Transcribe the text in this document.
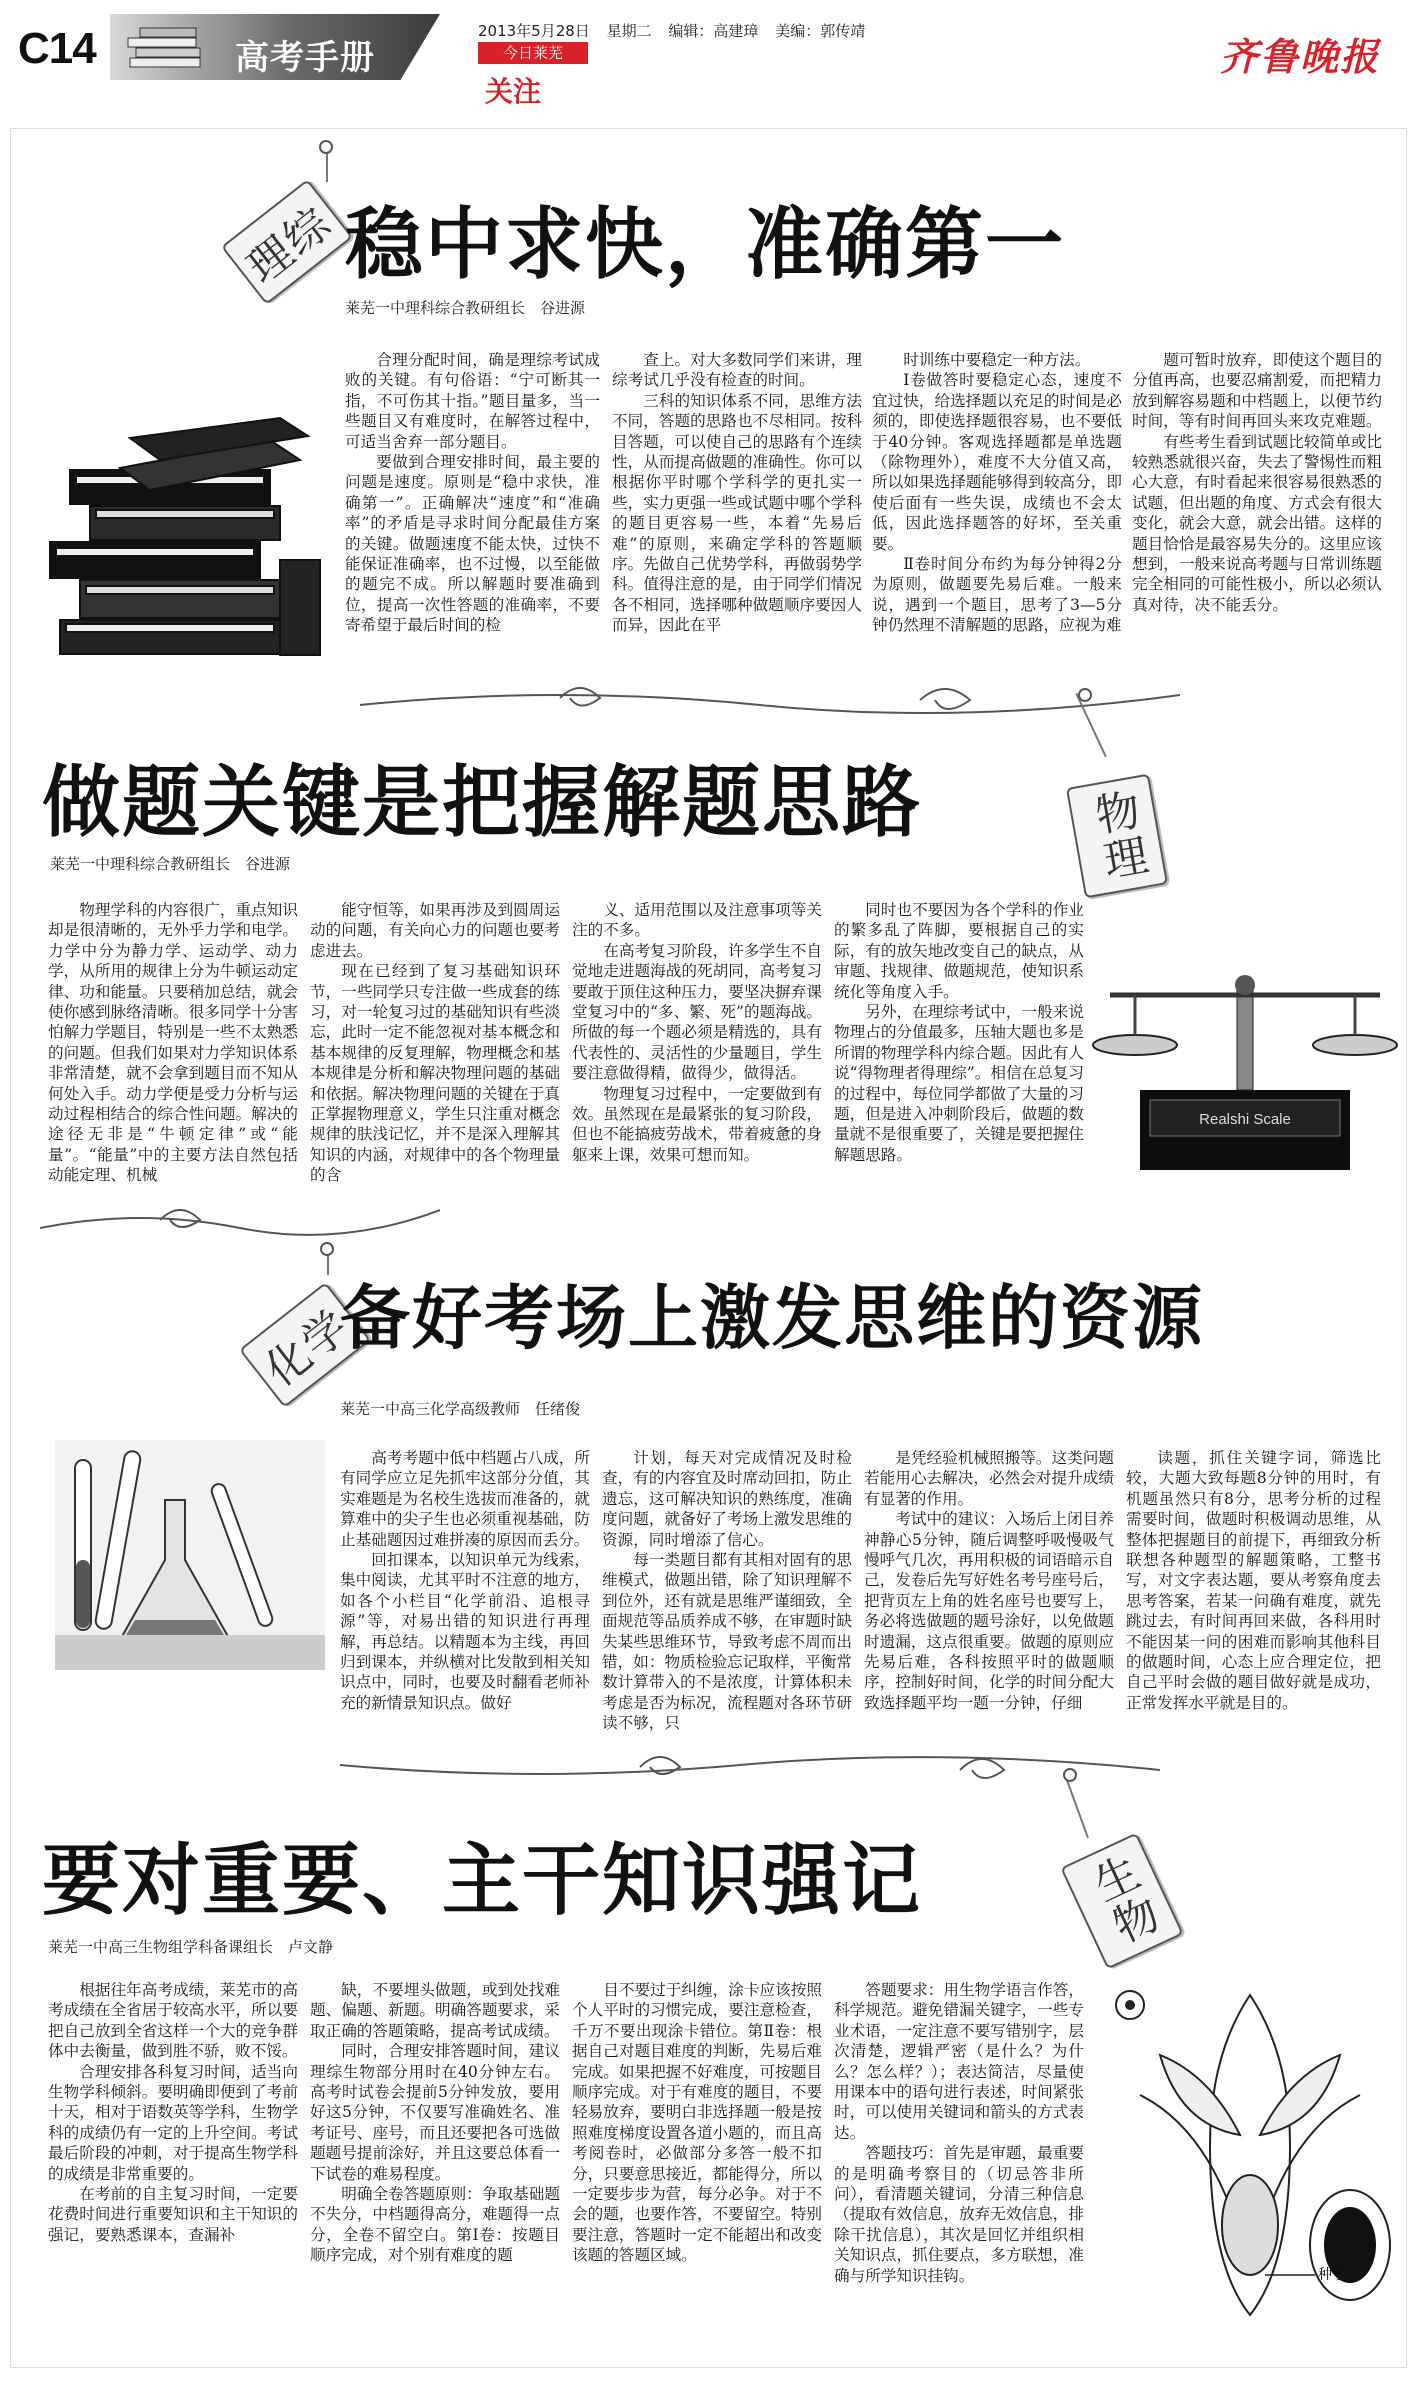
C14	高考手册
2013年5月28日 星期二 编辑：高建璋 美编：郭传靖
今日莱芜
关注
齐鲁晚报
理综 稳中求快，准确第一
莱芜一中理科综合教研组长　谷进源

合理分配时间，确是理综考试成败的关键。有句俗语：“宁可断其一指，不可伤其十指。”题目量多，当一些题目又有难度时，在解答过程中，可适当舍弃一部分题目。

要做到合理安排时间，最主要的问题是速度。原则是“稳中求快，准确第一”。正确解决“速度”和“准确率”的矛盾是寻求时间分配最佳方案的关键。做题速度不能太快，过快不能保证准确率，也不过慢，以至能做的题完不成。所以解题时要准确到位，提高一次性答题的准确率，不要寄希望于最后时间的检

查上。对大多数同学们来讲，理综考试几乎没有检查的时间。

三科的知识体系不同，思维方法不同，答题的思路也不尽相同。按科目答题，可以使自己的思路有个连续性，从而提高做题的准确性。你可以根据你平时哪个学科学的更扎实一些，实力更强一些或试题中哪个学科的题目更容易一些，本着“先易后难”的原则，来确定学科的答题顺序。先做自己优势学科，再做弱势学科。值得注意的是，由于同学们情况各不相同，选择哪种做题顺序要因人而异，因此在平

时训练中要稳定一种方法。

Ⅰ卷做答时要稳定心态，速度不宜过快，给选择题以充足的时间是必须的，即使选择题很容易，也不要低于40分钟。客观选择题都是单选题（除物理外），难度不大分值又高，所以如果选择题能够得到较高分，即使后面有一些失误，成绩也不会太低，因此选择题答的好坏，至关重要。

Ⅱ卷时间分布约为每分钟得2分为原则，做题要先易后难。一般来说，遇到一个题目，思考了3—5分钟仍然理不清解题的思路，应视为难

题可暂时放弃，即使这个题目的分值再高，也要忍痛割爱，而把精力放到解容易题和中档题上，以便节约时间，等有时间再回头来攻克难题。

有些考生看到试题比较简单或比较熟悉就很兴奋，失去了警惕性而粗心大意，有时看起来很容易很熟悉的试题，但出题的角度、方式会有很大变化，就会大意，就会出错。这样的题目恰恰是最容易失分的。这里应该想到，一般来说高考题与日常训练题完全相同的可能性极小，所以必须认真对待，决不能丢分。

做题关键是把握解题思路
莱芜一中理科综合教研组长　谷进源	物理

物理学科的内容很广，重点知识却是很清晰的，无外乎力学和电学。力学中分为静力学、运动学、动力学，从所用的规律上分为牛顿运动定律、功和能量。只要稍加总结，就会使你感到脉络清晰。很多同学十分害怕解力学题目，特别是一些不太熟悉的问题。但我们如果对力学知识体系非常清楚，就不会拿到题目而不知从何处入手。动力学便是受力分析与运动过程相结合的综合性问题。解决的途径无非是“牛顿定律”或“能量”。“能量”中的主要方法自然包括动能定理、机械

能守恒等，如果再涉及到圆周运动的问题，有关向心力的问题也要考虑进去。

现在已经到了复习基础知识环节，一些同学只专注做一些成套的练习，对一轮复习过的基础知识有些淡忘，此时一定不能忽视对基本概念和基本规律的反复理解，物理概念和基本规律是分析和解决物理问题的基础和依据。解决物理问题的关键在于真正掌握物理意义，学生只注重对概念规律的肤浅记忆，并不是深入理解其知识的内涵，对规律中的各个物理量的含

义、适用范围以及注意事项等关注的不多。

在高考复习阶段，许多学生不自觉地走进题海战的死胡同，高考复习要敢于顶住这种压力，要坚决摒弃课堂复习中的“多、繁、死”的题海战。所做的每一个题必须是精选的，具有代表性的、灵活性的少量题目，学生要注意做得精，做得少，做得活。

物理复习过程中，一定要做到有效。虽然现在是最紧张的复习阶段，但也不能搞疲劳战术，带着疲惫的身躯来上课，效果可想而知。

同时也不要因为各个学科的作业的繁多乱了阵脚，要根据自己的实际，有的放矢地改变自己的缺点，从审题、找规律、做题规范，使知识系统化等角度入手。

另外，在理综考试中，一般来说物理占的分值最多，压轴大题也多是所谓的物理学科内综合题。因此有人说“得物理者得理综”。相信在总复习的过程中，每位同学都做了大量的习题，但是进入冲刺阶段后，做题的数量就不是很重要了，关键是要把握住解题思路。

Realshi Scale
化学
备好考场上激发思维的资源
莱芜一中高三化学高级教师　任绪俊

高考考题中低中档题占八成，所有同学应立足先抓牢这部分分值，其实难题是为名校生选拔而准备的，就算难中的尖子生也必须重视基础，防止基础题因过难拼凑的原因而丢分。

回扣课本，以知识单元为线索，集中阅读，尤其平时不注意的地方，如各个小栏目“化学前沿、追根寻源”等，对易出错的知识进行再理解，再总结。以精题本为主线，再回归到课本，并纵横对比发散到相关知识点中，同时，也要及时翻看老师补充的新情景知识点。做好

计划，每天对完成情况及时检查，有的内容宜及时席动回扣，防止遗忘，这可解决知识的熟练度，准确度问题，就备好了考场上激发思维的资源，同时增添了信心。

每一类题目都有其相对固有的思维模式，做题出错，除了知识理解不到位外，还有就是思维严谨细致，全面规范等品质养成不够，在审题时缺失某些思维环节，导致考虑不周而出错，如：物质检验忘记取样，平衡常数计算带入的不是浓度，计算体积未考虑是否为标况，流程题对各环节研读不够，只

是凭经验机械照搬等。这类问题若能用心去解决，必然会对提升成绩有显著的作用。

考试中的建议：入场后上闭目养神静心5分钟，随后调整呼吸慢吸气慢呼气几次，再用积极的词语暗示自己，发卷后先写好姓名考号座号后，把背页左上角的姓名座号也要写上，务必将选做题的题号涂好，以免做题时遗漏，这点很重要。做题的原则应先易后难，各科按照平时的做题顺序，控制好时间，化学的时间分配大致选择题平均一题一分钟，仔细

读题，抓住关键字词，筛选比较，大题大致每题8分钟的用时，有机题虽然只有8分，思考分析的过程需要时间，做题时积极调动思维，从整体把握题目的前提下，再细致分析联想各种题型的解题策略，工整书写，对文字表达题，要从考察角度去思考答案，若某一问确有难度，就先跳过去，有时间再回来做，各科用时不能因某一问的困难而影响其他科目的做题时间，心态上应合理定位，把自己平时会做的题目做好就是成功，正常发挥水平就是目的。

要对重要、主干知识强记
莱芜一中高三生物组学科备课组长　卢文静	生物

根据往年高考成绩，莱芜市的高考成绩在全省居于较高水平，所以要把自己放到全省这样一个大的竞争群体中去衡量，做到胜不骄，败不馁。

合理安排各科复习时间，适当向生物学科倾斜。要明确即便到了考前十天，相对于语数英等学科，生物学科的成绩仍有一定的上升空间。考试最后阶段的冲刺，对于提高生物学科的成绩是非常重要的。

在考前的自主复习时间，一定要花费时间进行重要知识和主干知识的强记，要熟悉课本，查漏补

缺，不要埋头做题，或到处找难题、偏题、新题。明确答题要求，采取正确的答题策略，提高考试成绩。

同时，合理安排答题时间，建议理综生物部分用时在40分钟左右。高考时试卷会提前5分钟发放，要用好这5分钟，不仅要写准确姓名、准考证号、座号，而且还要把各可选做题题号提前涂好，并且这要总体看一下试卷的难易程度。

明确全卷答题原则：争取基础题不失分，中档题得高分，难题得一点分，全卷不留空白。第Ⅰ卷：按题目顺序完成，对个别有难度的题

目不要过于纠缠，涂卡应该按照个人平时的习惯完成，要注意检查，千万不要出现涂卡错位。第Ⅱ卷：根据自己对题目难度的判断，先易后难完成。如果把握不好难度，可按题目顺序完成。对于有难度的题目，不要轻易放弃，要明白非选择题一般是按照难度梯度设置各道小题的，而且高考阅卷时，必做部分多答一般不扣分，只要意思接近，都能得分，所以一定要步步为营，每分必争。对于不会的题，也要作答，不要留空。特别要注意，答题时一定不能超出和改变该题的答题区域。

答题要求：用生物学语言作答，科学规范。避免错漏关键字，一些专业术语，一定注意不要写错别字，层次清楚，逻辑严密（是什么？为什么？怎么样？）；表达简洁，尽量使用课本中的语句进行表述，时间紧张时，可以使用关键词和箭头的方式表达。

答题技巧：首先是审题，最重要的是明确考察目的（切忌答非所问），看清题关键词，分清三种信息（提取有效信息，放弃无效信息，排除干扰信息），其次是回忆并组织相关知识点，抓住要点，多方联想，准确与所学知识挂钩。	种子
